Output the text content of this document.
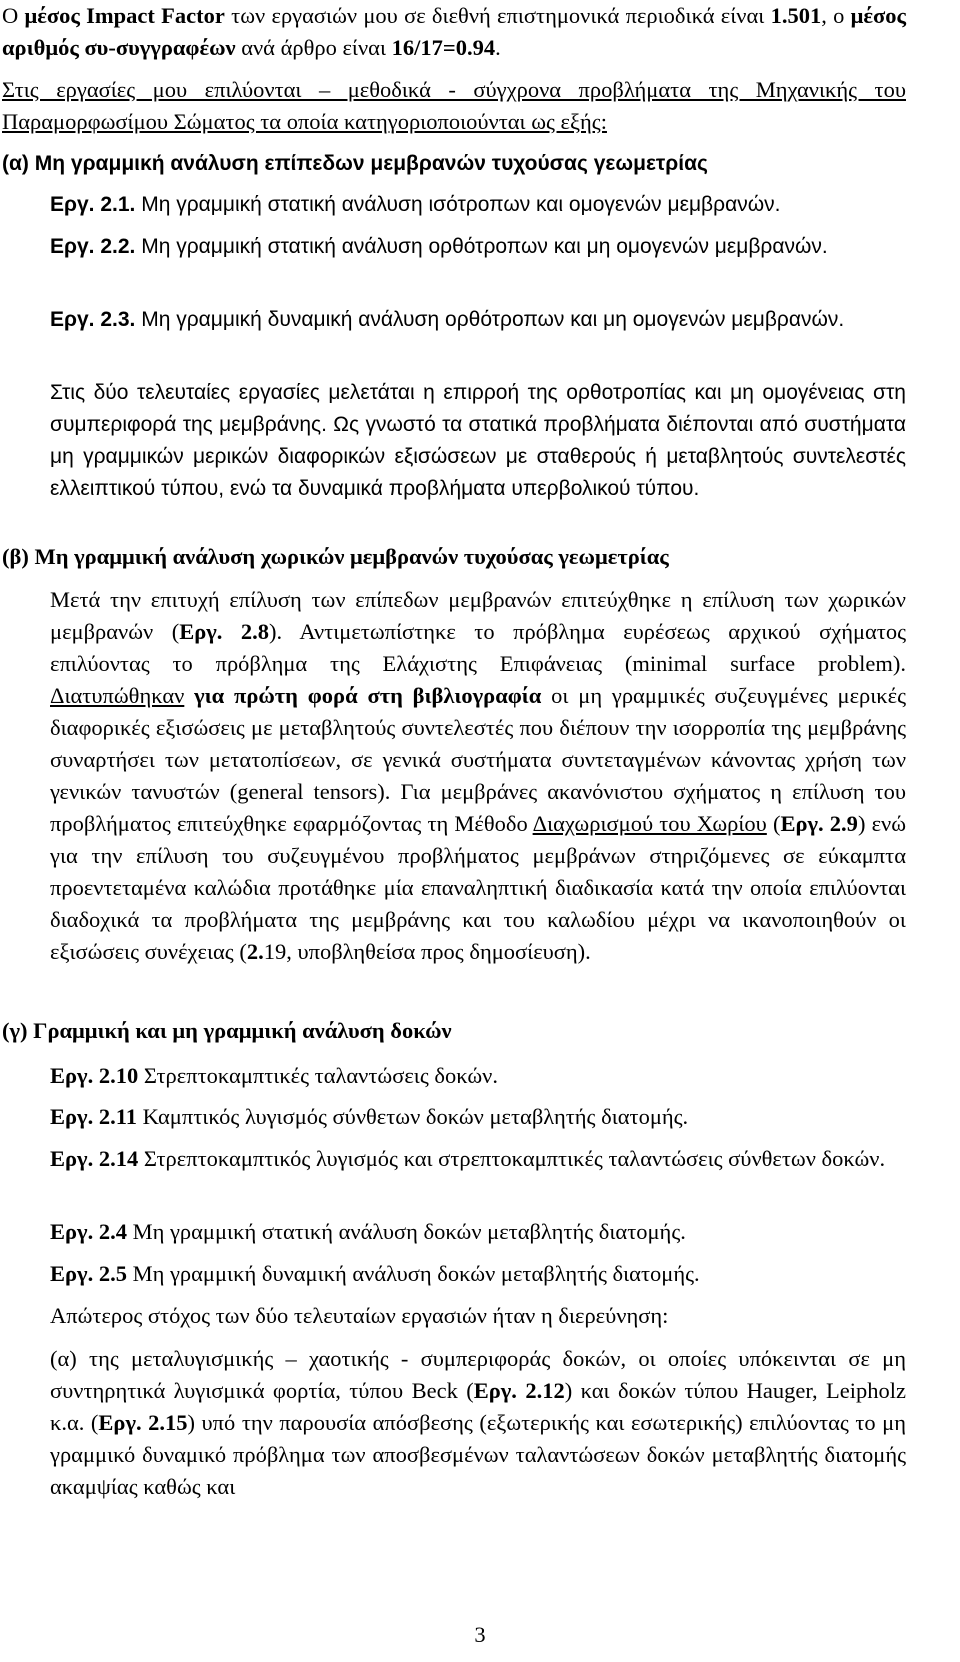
Ο μέσος Impact Factor των εργασιών μου σε διεθνή επιστημονικά περιοδικά είναι 1.501, ο μέσος αριθμός συ-συγγραφέων ανά άρθρο είναι 16/17=0.94.

Στις εργασίες μου επιλύονται – μεθοδικά - σύγχρονα προβλήματα της Μηχανικής του Παραμορφωσίμου Σώματος τα οποία κατηγοριοποιούνται ως εξής:

(α) Μη γραμμική ανάλυση επίπεδων μεμβρανών τυχούσας γεωμετρίας

Εργ. 2.1. Μη γραμμική στατική ανάλυση ισότροπων και ομογενών μεμβρανών.

Εργ. 2.2. Μη γραμμική στατική ανάλυση ορθότροπων και μη ομογενών μεμβρανών.

Εργ. 2.3. Μη γραμμική δυναμική ανάλυση ορθότροπων και μη ομογενών μεμβρανών.

Στις δύο τελευταίες εργασίες μελετάται η επιρροή της ορθοτροπίας και μη ομογένειας στη συμπεριφορά της μεμβράνης. Ως γνωστό τα στατικά προβλήματα διέπονται από συστήματα μη γραμμικών μερικών διαφορικών εξισώσεων με σταθερούς ή μεταβλητούς συντελεστές ελλειπτικού τύπου, ενώ τα δυναμικά προβλήματα υπερβολικού τύπου.

(β) Μη γραμμική ανάλυση χωρικών μεμβρανών τυχούσας γεωμετρίας

Μετά την επιτυχή επίλυση των επίπεδων μεμβρανών επιτεύχθηκε η επίλυση των χωρικών μεμβρανών (Εργ. 2.8). Αντιμετωπίστηκε το πρόβλημα ευρέσεως αρχικού σχήματος επιλύοντας το πρόβλημα της Ελάχιστης Επιφάνειας (minimal surface problem). Διατυπώθηκαν για πρώτη φορά στη βιβλιογραφία οι μη γραμμικές συζευγμένες μερικές διαφορικές εξισώσεις με μεταβλητούς συντελεστές που διέπουν την ισορροπία της μεμβράνης συναρτήσει των μετατοπίσεων, σε γενικά συστήματα συντεταγμένων κάνοντας χρήση των γενικών τανυστών (general tensors). Για μεμβράνες ακανόνιστου σχήματος η επίλυση του προβλήματος επιτεύχθηκε εφαρμόζοντας τη Μέθοδο Διαχωρισμού του Χωρίου (Εργ. 2.9) ενώ για την επίλυση του συζευγμένου προβλήματος μεμβράνων στηριζόμενες σε εύκαμπτα προεντεταμένα καλώδια προτάθηκε μία επαναληπτική διαδικασία κατά την οποία επιλύονται διαδοχικά τα προβλήματα της μεμβράνης και του καλωδίου μέχρι να ικανοποιηθούν οι εξισώσεις συνέχειας (2.19, υποβληθείσα προς δημοσίευση).

(γ) Γραμμική και μη γραμμική ανάλυση δοκών

Εργ. 2.10 Στρεπτοκαμπτικές ταλαντώσεις δοκών.

Εργ. 2.11 Καμπτικός λυγισμός σύνθετων δοκών μεταβλητής διατομής.

Εργ. 2.14 Στρεπτοκαμπτικός λυγισμός και στρεπτοκαμπτικές ταλαντώσεις σύνθετων δοκών.

Εργ. 2.4 Μη γραμμική στατική ανάλυση δοκών μεταβλητής διατομής.

Εργ. 2.5 Μη γραμμική δυναμική ανάλυση δοκών μεταβλητής διατομής.

Απώτερος στόχος των δύο τελευταίων εργασιών ήταν η διερεύνηση:

(α) της μεταλυγισμικής – χαοτικής - συμπεριφοράς δοκών, οι οποίες υπόκεινται σε μη συντηρητικά λυγισμικά φορτία, τύπου Beck (Εργ. 2.12) και δοκών τύπου Hauger, Leipholz κ.α. (Εργ. 2.15) υπό την παρουσία απόσβεσης (εξωτερικής και εσωτερικής) επιλύοντας το μη γραμμικό δυναμικό πρόβλημα των αποσβεσμένων ταλαντώσεων δοκών μεταβλητής διατομής ακαμψίας καθώς και

3
